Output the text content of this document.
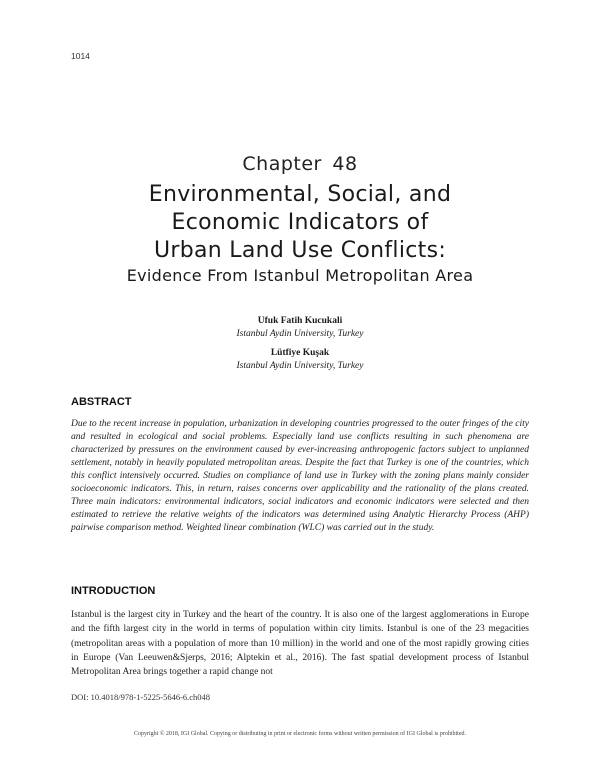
1014
Chapter 48
Environmental, Social, and
Economic Indicators of
Urban Land Use Conflicts:
Evidence From Istanbul Metropolitan Area
Ufuk Fatih Kucukali
Istanbul Aydin University, Turkey
Lütfiye Kuşak
Istanbul Aydin University, Turkey
ABSTRACT
Due to the recent increase in population, urbanization in developing countries progressed to the outer fringes of the city and resulted in ecological and social problems. Especially land use conflicts resulting in such phenomena are characterized by pressures on the environment caused by ever-increasing anthropogenic factors subject to unplanned settlement, notably in heavily populated metropolitan areas. Despite the fact that Turkey is one of the countries, which this conflict intensively occurred. Studies on compliance of land use in Turkey with the zoning plans mainly consider socioeconomic indicators. This, in return, raises concerns over applicability and the rationality of the plans created. Three main indicators: environmental indicators, social indicators and economic indicators were selected and then estimated to retrieve the relative weights of the indicators was determined using Analytic Hierarchy Process (AHP) pairwise comparison method. Weighted linear combination (WLC) was carried out in the study.
INTRODUCTION
Istanbul is the largest city in Turkey and the heart of the country. It is also one of the largest agglomerations in Europe and the fifth largest city in the world in terms of population within city limits. Istanbul is one of the 23 megacities (metropolitan areas with a population of more than 10 million) in the world and one of the most rapidly growing cities in Europe (Van Leeuwen&Sjerps, 2016; Alptekin et al., 2016). The fast spatial development process of Istanbul Metropolitan Area brings together a rapid change not
DOI: 10.4018/978-1-5225-5646-6.ch048
Copyright © 2018, IGI Global. Copying or distributing in print or electronic forms without written permission of IGI Global is prohibited.
